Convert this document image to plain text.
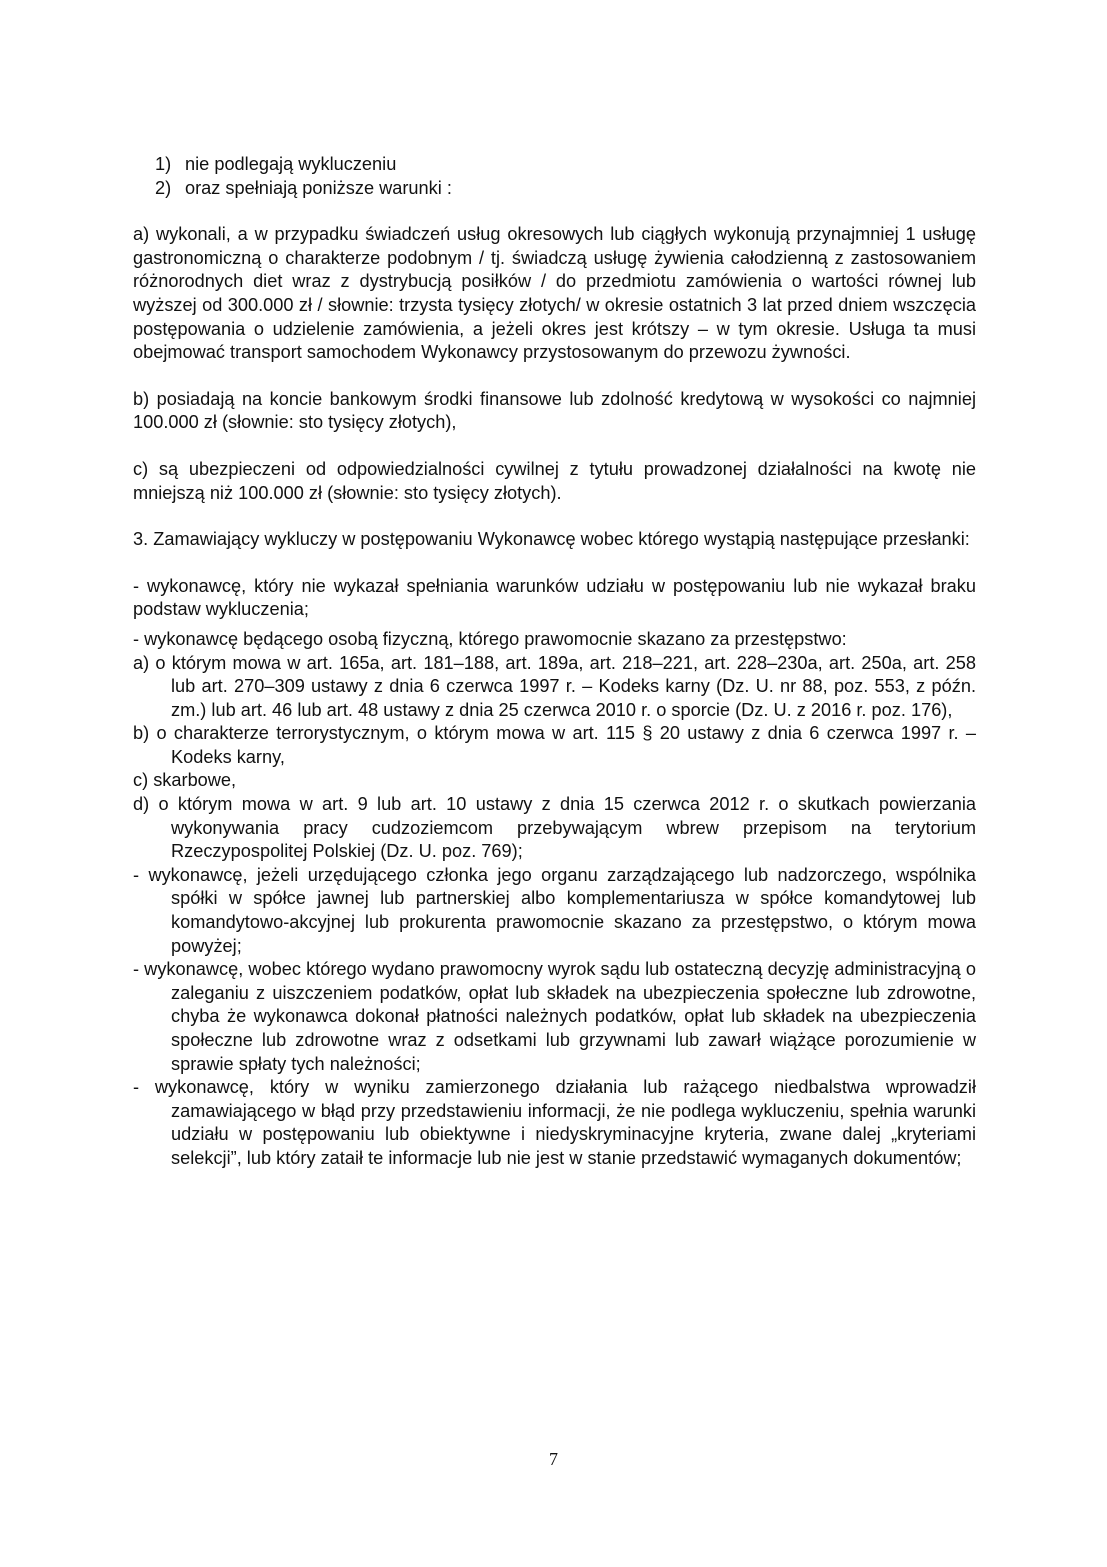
1) nie podlegają wykluczeniu
2) oraz spełniają poniższe warunki :

a) wykonali, a w przypadku świadczeń usług okresowych lub ciągłych wykonują przynajmniej 1 usługę gastronomiczną o charakterze podobnym / tj. świadczą usługę żywienia całodzienną z zastosowaniem różnorodnych diet wraz z dystrybucją posiłków / do przedmiotu zamówienia o wartości równej lub wyższej od 300.000 zł / słownie: trzysta tysięcy złotych/ w okresie ostatnich 3 lat przed dniem wszczęcia postępowania o udzielenie zamówienia, a jeżeli okres jest krótszy – w tym okresie. Usługa ta musi obejmować transport samochodem Wykonawcy przystosowanym do przewozu żywności.

b) posiadają na koncie bankowym środki finansowe lub zdolność kredytową w wysokości co najmniej 100.000 zł (słownie: sto tysięcy złotych),

c) są ubezpieczeni od odpowiedzialności cywilnej z tytułu prowadzonej działalności na kwotę nie mniejszą niż 100.000 zł (słownie: sto tysięcy złotych).

3. Zamawiający wykluczy w postępowaniu Wykonawcę wobec którego wystąpią następujące przesłanki:

- wykonawcę, który nie wykazał spełniania warunków udziału w postępowaniu lub nie wykazał braku podstaw wykluczenia;

- wykonawcę będącego osobą fizyczną, którego prawomocnie skazano za przestępstwo:

a) o którym mowa w art. 165a, art. 181–188, art. 189a, art. 218–221, art. 228–230a, art. 250a, art. 258 lub art. 270–309 ustawy z dnia 6 czerwca 1997 r. – Kodeks karny (Dz. U. nr 88, poz. 553, z późn. zm.) lub art. 46 lub art. 48 ustawy z dnia 25 czerwca 2010 r. o sporcie (Dz. U. z 2016 r. poz. 176),

b) o charakterze terrorystycznym, o którym mowa w art. 115 § 20 ustawy z dnia 6 czerwca 1997 r. – Kodeks karny,

c) skarbowe,

d) o którym mowa w art. 9 lub art. 10 ustawy z dnia 15 czerwca 2012 r. o skutkach powierzania wykonywania pracy cudzoziemcom przebywającym wbrew przepisom na terytorium Rzeczypospolitej Polskiej (Dz. U. poz. 769);

- wykonawcę, jeżeli urzędującego członka jego organu zarządzającego lub nadzorczego, wspólnika spółki w spółce jawnej lub partnerskiej albo komplementariusza w spółce komandytowej lub komandytowo-akcyjnej lub prokurenta prawomocnie skazano za przestępstwo, o którym mowa powyżej;

- wykonawcę, wobec którego wydano prawomocny wyrok sądu lub ostateczną decyzję administracyjną o zaleganiu z uiszczeniem podatków, opłat lub składek na ubezpieczenia społeczne lub zdrowotne, chyba że wykonawca dokonał płatności należnych podatków, opłat lub składek na ubezpieczenia społeczne lub zdrowotne wraz z odsetkami lub grzywnami lub zawarł wiążące porozumienie w sprawie spłaty tych należności;

- wykonawcę, który w wyniku zamierzonego działania lub rażącego niedbalstwa wprowadził zamawiającego w błąd przy przedstawieniu informacji, że nie podlega wykluczeniu, spełnia warunki udziału w postępowaniu lub obiektywne i niedyskryminacyjne kryteria, zwane dalej „kryteriami selekcji”, lub który zataił te informacje lub nie jest w stanie przedstawić wymaganych dokumentów;

7
